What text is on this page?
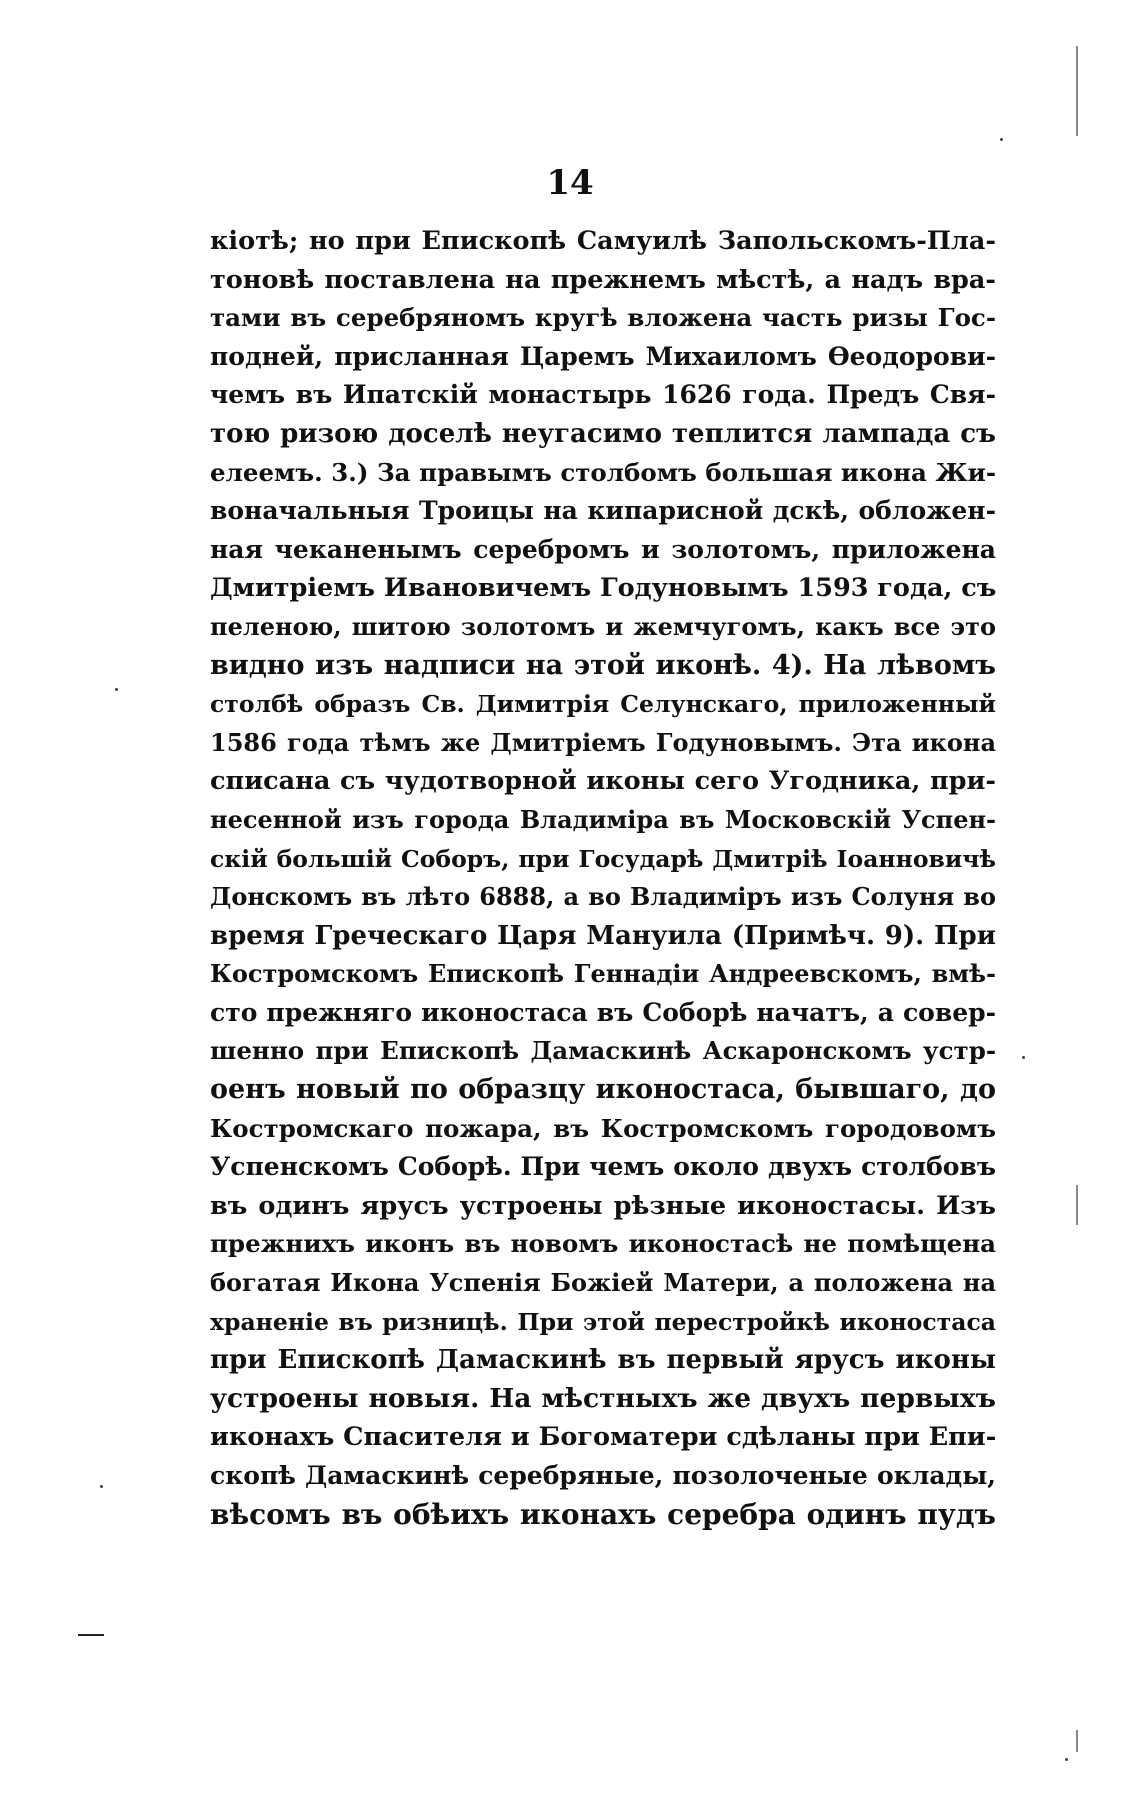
14
кіотѣ; но при Епископѣ Самуилѣ Запольскомъ-Пла-
тоновѣ поставлена на прежнемъ мѣстѣ, а надъ вра-
тами въ серебряномъ кругѣ вложена часть ризы Гос-
подней, присланная Царемъ Михаиломъ Ѳеодорови-
чемъ въ Ипатскій монастырь 1626 года. Предъ Свя-
тою ризою доселѣ неугасимо теплится лампада съ
елеемъ. 3.) За правымъ столбомъ большая икона Жи-
воначальныя Троицы на кипарисной дскѣ, обложен-
ная чеканенымъ серебромъ и золотомъ, приложена
Дмитріемъ Ивановичемъ Годуновымъ 1593 года, съ
пеленою, шитою золотомъ и жемчугомъ, какъ все это
видно изъ надписи на этой иконѣ. 4). На лѣвомъ
столбѣ образъ Св. Димитрія Селунскаго, приложенный
1586 года тѣмъ же Дмитріемъ Годуновымъ. Эта икона
списана съ чудотворной иконы сего Угодника, при-
несенной изъ города Владиміра въ Московскій Успен-
скій большій Соборъ, при Государѣ Дмитріѣ Іоанновичѣ
Донскомъ въ лѣто 6888, а во Владиміръ изъ Солуня во
время Греческаго Царя Мануила (Примѣч. 9). При
Костромскомъ Епископѣ Геннадіи Андреевскомъ, вмѣ-
сто прежняго иконостаса въ Соборѣ начатъ, а совер-
шенно при Епископѣ Дамаскинѣ Аскаронскомъ устр-
оенъ новый по образцу иконостаса, бывшаго, до
Костромскаго пожара, въ Костромскомъ городовомъ
Успенскомъ Соборѣ. При чемъ около двухъ столбовъ
въ одинъ ярусъ устроены рѣзные иконостасы. Изъ
прежнихъ иконъ въ новомъ иконостасѣ не помѣщена
богатая Икона Успенія Божіей Матери, а положена на
храненіе въ ризницѣ. При этой перестройкѣ иконостаса
при Епископѣ Дамаскинѣ въ первый ярусъ иконы
устроены новыя. На мѣстныхъ же двухъ первыхъ
иконахъ Спасителя и Богоматери сдѣланы при Епи-
скопѣ Дамаскинѣ серебряные, позолоченые оклады,
вѣсомъ въ обѣихъ иконахъ серебра одинъ пудъ
